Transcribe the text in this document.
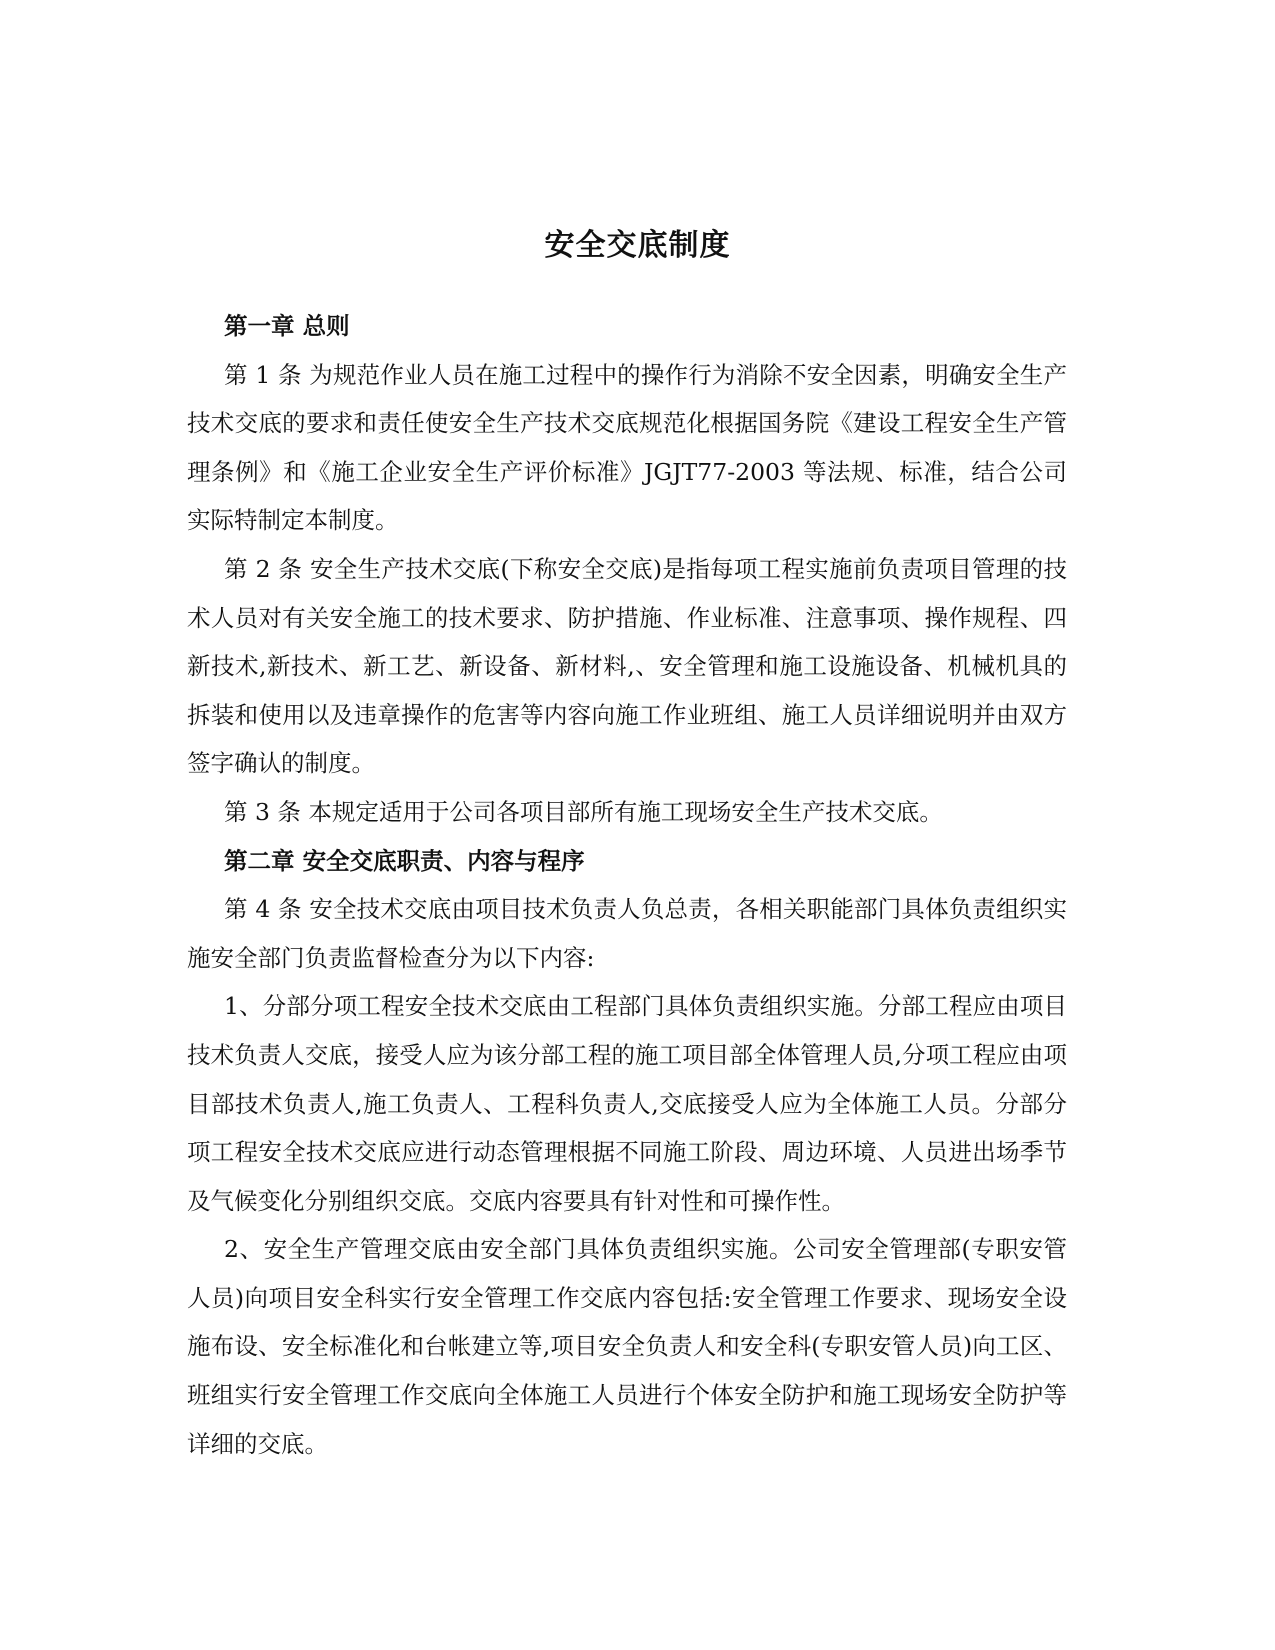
安全交底制度

第一章 总则

第 1 条 为规范作业人员在施工过程中的操作行为消除不安全因素，明确安全生产技术交底的要求和责任使安全生产技术交底规范化根据国务院《建设工程安全生产管理条例》和《施工企业安全生产评价标准》JGJT77-2003 等法规、标准，结合公司实际特制定本制度。

第 2 条 安全生产技术交底(下称安全交底)是指每项工程实施前负责项目管理的技术人员对有关安全施工的技术要求、防护措施、作业标准、注意事项、操作规程、四新技术,新技术、新工艺、新设备、新材料,、安全管理和施工设施设备、机械机具的拆装和使用以及违章操作的危害等内容向施工作业班组、施工人员详细说明并由双方签字确认的制度。

第 3 条 本规定适用于公司各项目部所有施工现场安全生产技术交底。

第二章 安全交底职责、内容与程序

第 4 条 安全技术交底由项目技术负责人负总责，各相关职能部门具体负责组织实施安全部门负责监督检查分为以下内容:

1、分部分项工程安全技术交底由工程部门具体负责组织实施。分部工程应由项目技术负责人交底，接受人应为该分部工程的施工项目部全体管理人员,分项工程应由项目部技术负责人,施工负责人、工程科负责人,交底接受人应为全体施工人员。分部分项工程安全技术交底应进行动态管理根据不同施工阶段、周边环境、人员进出场季节及气候变化分别组织交底。交底内容要具有针对性和可操作性。

2、安全生产管理交底由安全部门具体负责组织实施。公司安全管理部(专职安管人员)向项目安全科实行安全管理工作交底内容包括:安全管理工作要求、现场安全设施布设、安全标准化和台帐建立等,项目安全负责人和安全科(专职安管人员)向工区、班组实行安全管理工作交底向全体施工人员进行个体安全防护和施工现场安全防护等详细的交底。
